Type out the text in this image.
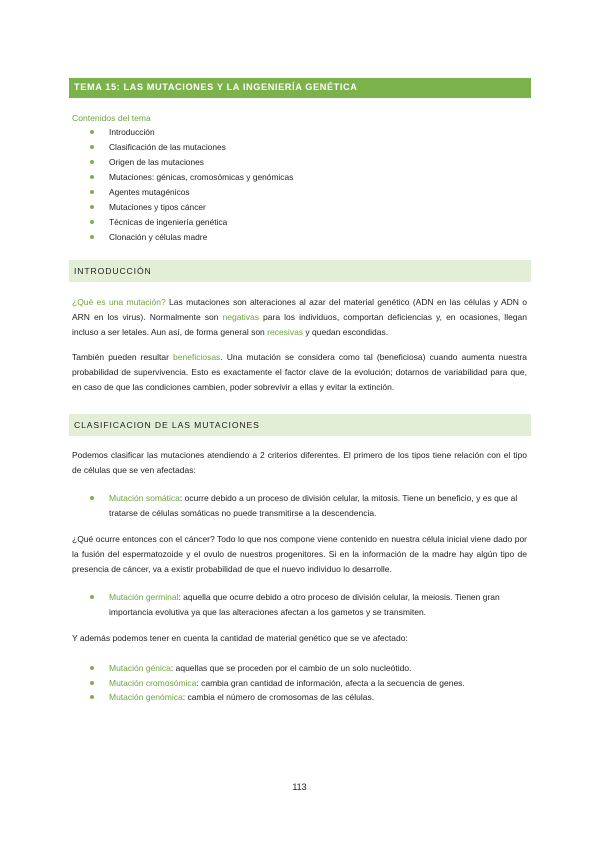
TEMA 15: LAS MUTACIONES Y LA INGENIERÍA GENÉTICA
Contenidos del tema
Introducción
Clasificación de las mutaciones
Origen de las mutaciones
Mutaciones: génicas, cromosómicas y genómicas
Agentes mutagénicos
Mutaciones y tipos cáncer
Técnicas de ingeniería genética
Clonación y células madre
INTRODUCCIÓN

¿Qué es una mutación? Las mutaciones son alteraciones al azar del material genético (ADN en las células y ADN o ARN en los virus). Normalmente son negativas para los individuos, comportan deficiencias y, en ocasiones, llegan incluso a ser letales. Aun así, de forma general son recesivas y quedan escondidas.

También pueden resultar beneficiosas. Una mutación se considera como tal (beneficiosa) cuando aumenta nuestra probabilidad de supervivencia. Esto es exactamente el factor clave de la evolución; dotarnos de variabilidad para que, en caso de que las condiciones cambien, poder sobrevivir a ellas y evitar la extinción.

CLASIFICACION DE LAS MUTACIONES

Podemos clasificar las mutaciones atendiendo a 2 criterios diferentes. El primero de los tipos tiene relación con el tipo de células que se ven afectadas:

Mutación somática: ocurre debido a un proceso de división celular, la mitosis. Tiene un beneficio, y es que al tratarse de células somáticas no puede transmitirse a la descendencia.

¿Qué ocurre entonces con el cáncer? Todo lo que nos compone viene contenido en nuestra célula inicial viene dado por la fusión del espermatozoide y el ovulo de nuestros progenitores. Si en la información de la madre hay algún tipo de presencia de cáncer, va a existir probabilidad de que el nuevo individuo lo desarrolle.

Mutación germinal: aquella que ocurre debido a otro proceso de división celular, la meiosis. Tienen gran importancia evolutiva ya que las alteraciones afectan a los gametos y se transmiten.

Y además podemos tener en cuenta la cantidad de material genético que se ve afectado:

Mutación génica: aquellas que se proceden por el cambio de un solo nucleótido.
Mutación cromosómica: cambia gran cantidad de información, afecta a la secuencia de genes.
Mutación genómica: cambia el número de cromosomas de las células.
113
